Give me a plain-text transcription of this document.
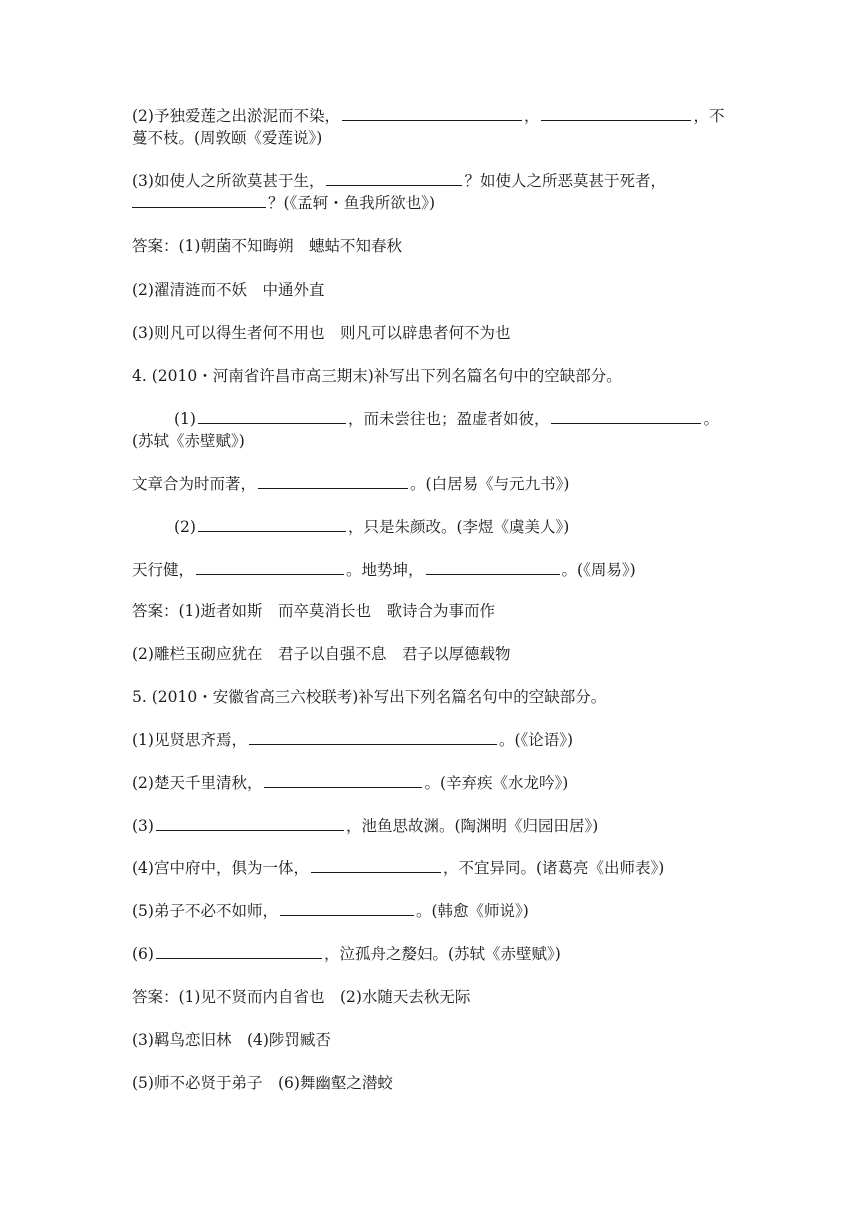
(2)予独爱莲之出淤泥而不染，	，	，不
蔓不枝。(周敦颐《爱莲说》)
(3)如使人之所欲莫甚于生，	？如使人之所恶莫甚于死者，
？(《孟轲・鱼我所欲也》)
答案：(1)朝菌不知晦朔　蟪蛄不知春秋
(2)濯清涟而不妖　中通外直
(3)则凡可以得生者何不用也　则凡可以辟患者何不为也
4. (2010・河南省许昌市高三期末)补写出下列名篇名句中的空缺部分。
(1)	，而未尝往也；盈虚者如彼，	。
(苏轼《赤壁赋》)
文章合为时而著，	。(白居易《与元九书》)
(2)	，只是朱颜改。(李煜《虞美人》)
天行健，	。地势坤，	。(《周易》)
答案：(1)逝者如斯　而卒莫消长也　歌诗合为事而作
(2)雕栏玉砌应犹在　君子以自强不息　君子以厚德载物
5. (2010・安徽省高三六校联考)补写出下列名篇名句中的空缺部分。
(1)见贤思齐焉，	。(《论语》)
(2)楚天千里清秋，	。(辛弃疾《水龙吟》)
(3)	，池鱼思故渊。(陶渊明《归园田居》)
(4)宫中府中，俱为一体，	，不宜异同。(诸葛亮《出师表》)
(5)弟子不必不如师，	。(韩愈《师说》)
(6)	，泣孤舟之嫠妇。(苏轼《赤壁赋》)
答案：(1)见不贤而内自省也　(2)水随天去秋无际
(3)羁鸟恋旧林　(4)陟罚臧否
(5)师不必贤于弟子　(6)舞幽壑之潜蛟
